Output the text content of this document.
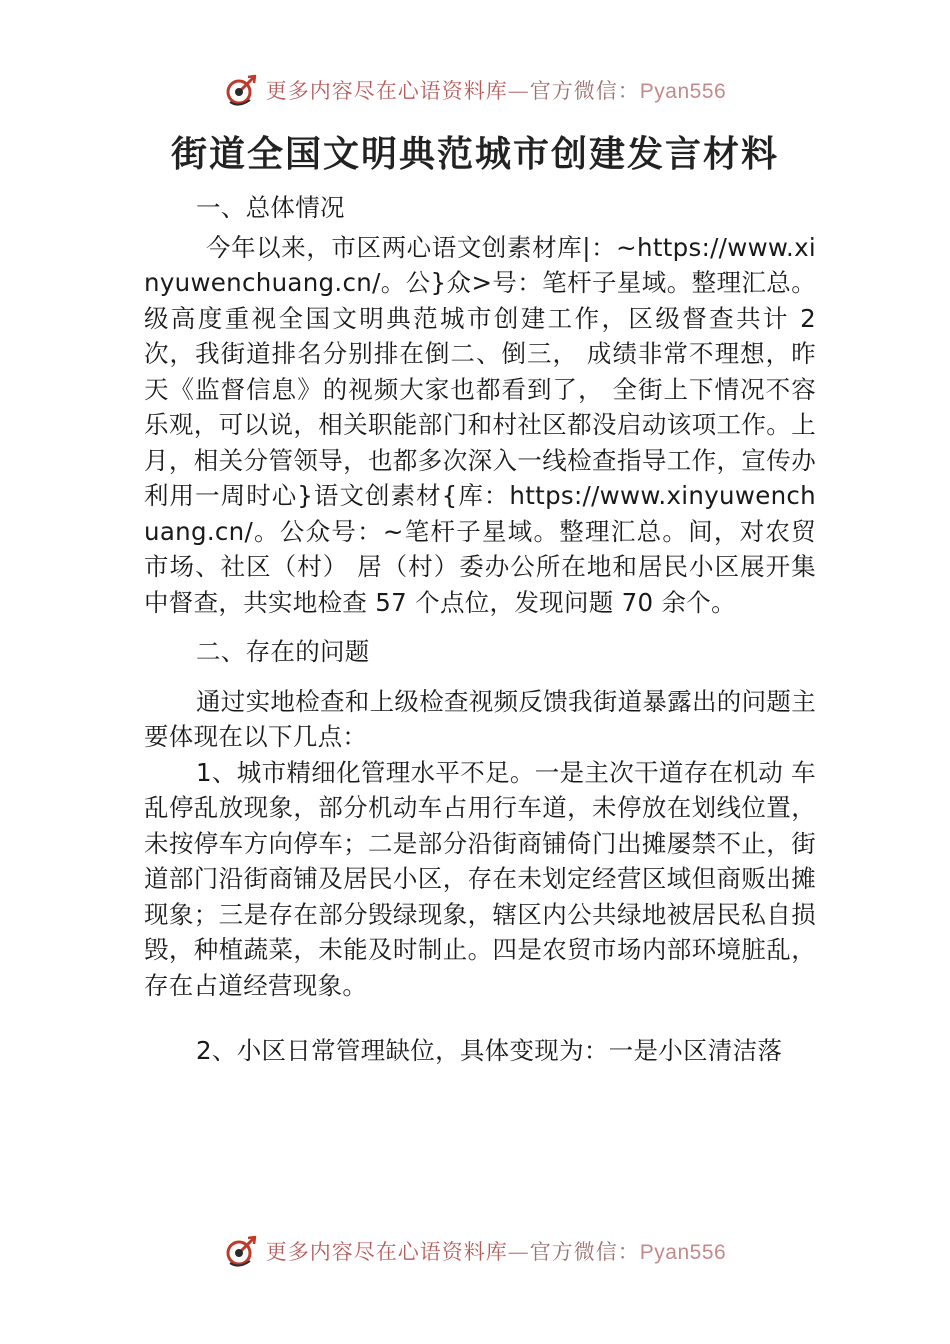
更多内容尽在心语资料库—官方微信：Pyan556
街道全国文明典范城市创建发言材料

一、总体情况

今年以来，市区两心语文创素材库|：~https://www.xinyuwenchuang.cn/。公}众>号：笔杆子星域。整理汇总。级高度重视全国文明典范城市创建工作，区级督查共计 2 次，我街道排名分别排在倒二、倒三， 成绩非常不理想，昨天《监督信息》的视频大家也都看到了， 全街上下情况不容乐观，可以说，相关职能部门和村社区都没启动该项工作。上月，相关分管领导，也都多次深入一线检查指导工作，宣传办利用一周时心}语文创素材{库：https://www.xinyuwenchuang.cn/。公众号：~笔杆子星域。整理汇总。间，对农贸市场、社区（村） 居（村）委办公所在地和居民小区展开集中督查，共实地检查 57 个点位，发现问题 70 余个。

二、存在的问题

通过实地检查和上级检查视频反馈我街道暴露出的问题主要体现在以下几点：

1、城市精细化管理水平不足。一是主次干道存在机动 车乱停乱放现象，部分机动车占用行车道，未停放在划线位置，未按停车方向停车；二是部分沿街商铺倚门出摊屡禁不止，街道部门沿街商铺及居民小区，存在未划定经营区域但商贩出摊现象；三是存在部分毁绿现象，辖区内公共绿地被居民私自损毁，种植蔬菜，未能及时制止。四是农贸市场内部环境脏乱，存在占道经营现象。

2、小区日常管理缺位，具体变现为：一是小区清洁落

更多内容尽在心语资料库—官方微信：Pyan556
